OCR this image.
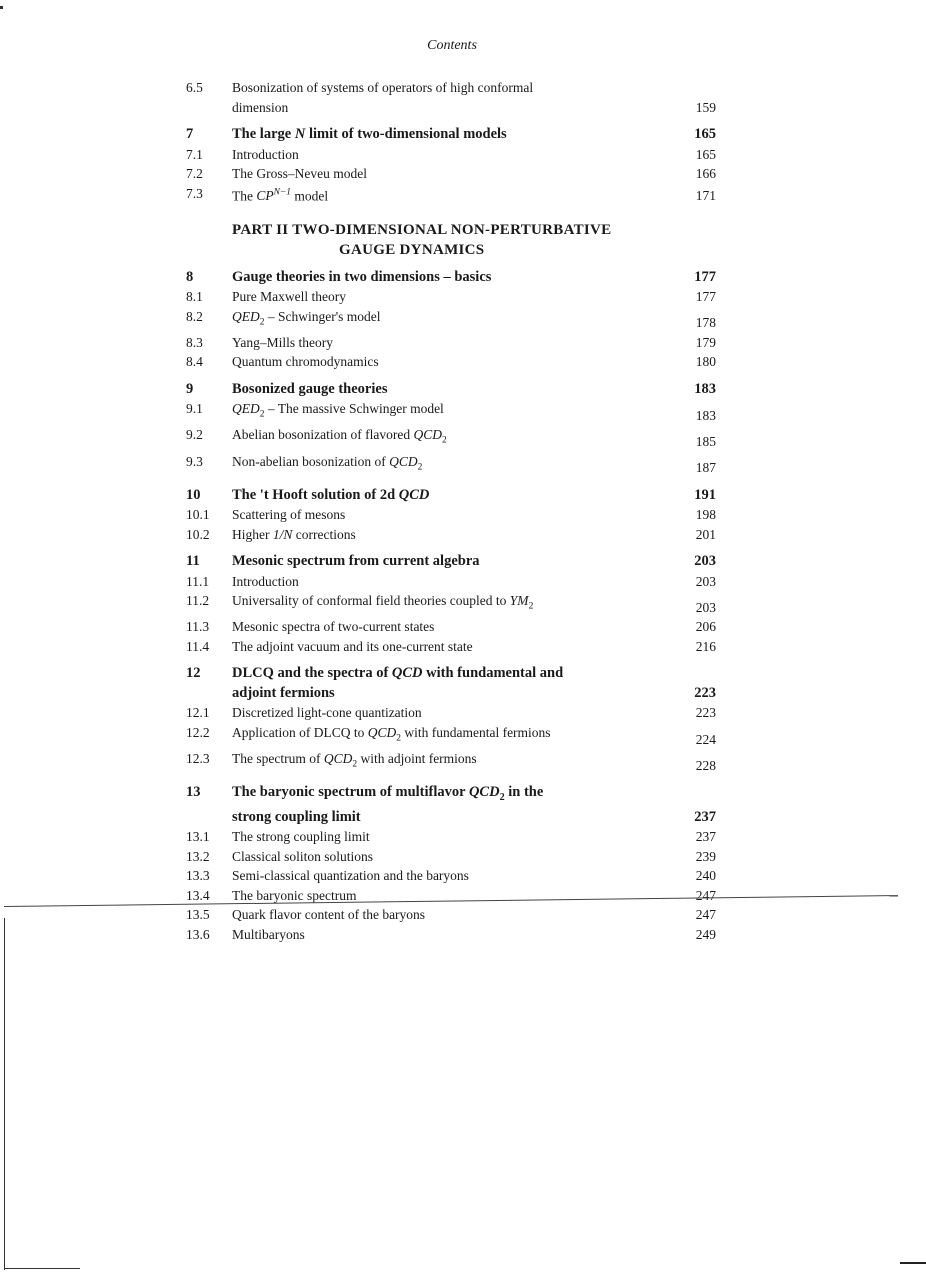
Contents
6.5 Bosonization of systems of operators of high conformal
dimension	159
7	The large N limit of two-dimensional models	165
7.1 Introduction	165
7.2 The Gross–Neveu model	166
7.3 The $CP^{N-1}$ model	171
PART II TWO-DIMENSIONAL NON-PERTURBATIVE
GAUGE DYNAMICS
8	Gauge theories in two dimensions – basics	177
8.1 Pure Maxwell theory	177
8.2 $QED_2$ – Schwinger's model	178
8.3 Yang–Mills theory	179
8.4 Quantum chromodynamics	180
9	Bosonized gauge theories	183
9.1 $QED_2$ – The massive Schwinger model	183
9.2 Abelian bosonization of flavored $QCD_2$	185
9.3 Non-abelian bosonization of $QCD_2$	187
10 The 't Hooft solution of 2d QCD	191
10.1 Scattering of mesons	198
10.2 Higher 1/N corrections	201
11 Mesonic spectrum from current algebra	203
11.1 Introduction	203
11.2 Universality of conformal field theories coupled to $YM_2$	203
11.3 Mesonic spectra of two-current states	206
11.4 The adjoint vacuum and its one-current state	216
12 DLCQ and the spectra of QCD with fundamental and
adjoint fermions	223
12.1 Discretized light-cone quantization	223
12.2 Application of DLCQ to $QCD_2$ with fundamental fermions	224
12.3 The spectrum of $QCD_2$ with adjoint fermions	228
13 The baryonic spectrum of multiflavor $QCD_2$ in the
strong coupling limit	237
13.1 The strong coupling limit	237
13.2 Classical soliton solutions	239
13.3 Semi-classical quantization and the baryons	240
13.4 The baryonic spectrum	247
13.5 Quark flavor content of the baryons	247
13.6 Multibaryons	249
